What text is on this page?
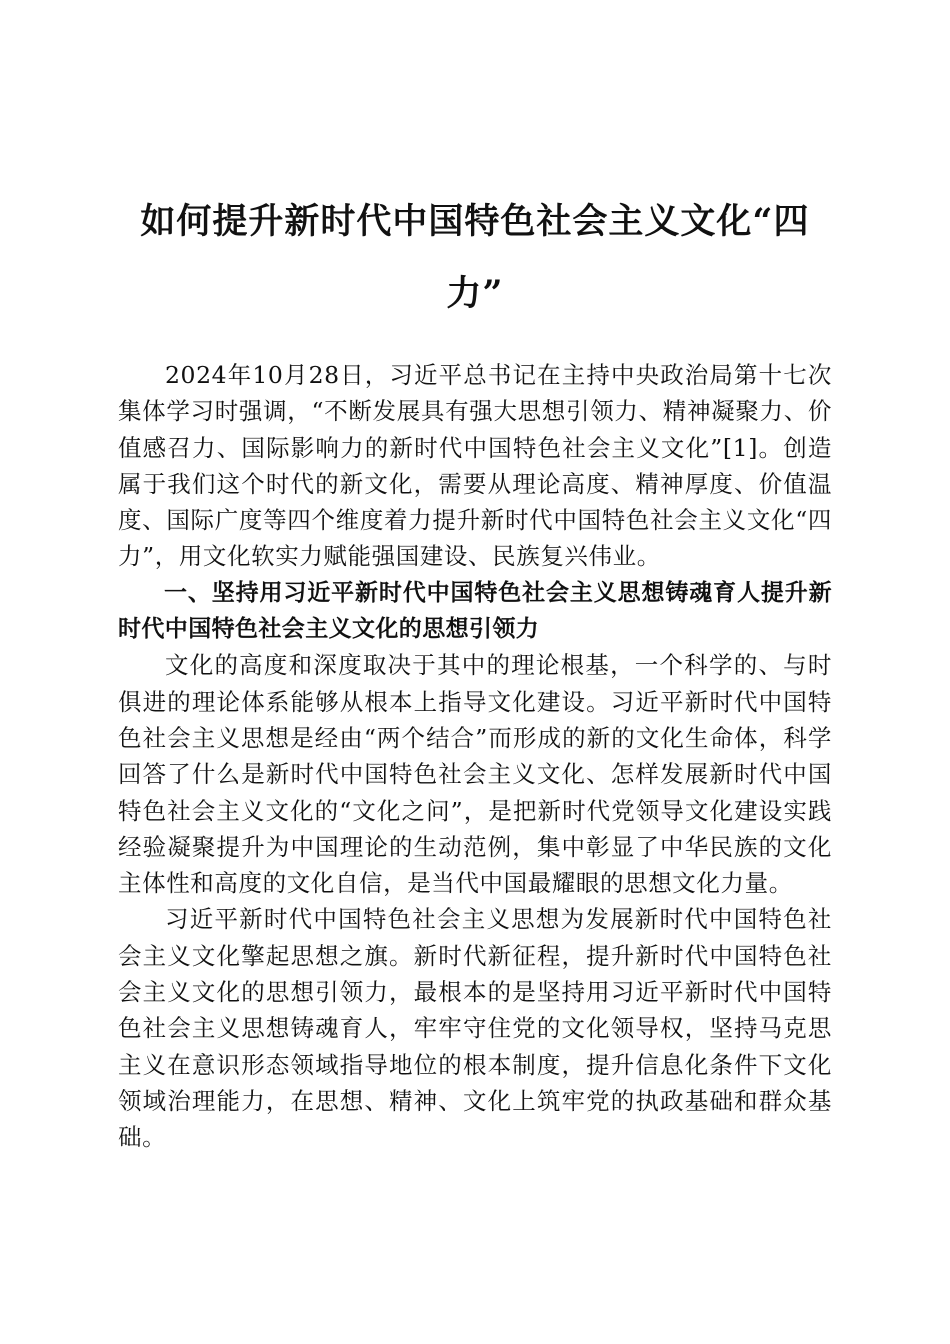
如何提升新时代中国特色社会主义文化“四力”

2024年10月28日，习近平总书记在主持中央政治局第十七次集体学习时强调，“不断发展具有强大思想引领力、精神凝聚力、价值感召力、国际影响力的新时代中国特色社会主义文化”[1]。创造属于我们这个时代的新文化，需要从理论高度、精神厚度、价值温度、国际广度等四个维度着力提升新时代中国特色社会主义文化“四力”，用文化软实力赋能强国建设、民族复兴伟业。

一、坚持用习近平新时代中国特色社会主义思想铸魂育人提升新时代中国特色社会主义文化的思想引领力

文化的高度和深度取决于其中的理论根基，一个科学的、与时俱进的理论体系能够从根本上指导文化建设。习近平新时代中国特色社会主义思想是经由“两个结合”而形成的新的文化生命体，科学回答了什么是新时代中国特色社会主义文化、怎样发展新时代中国特色社会主义文化的“文化之问”，是把新时代党领导文化建设实践经验凝聚提升为中国理论的生动范例，集中彰显了中华民族的文化主体性和高度的文化自信，是当代中国最耀眼的思想文化力量。

习近平新时代中国特色社会主义思想为发展新时代中国特色社会主义文化擎起思想之旗。新时代新征程，提升新时代中国特色社会主义文化的思想引领力，最根本的是坚持用习近平新时代中国特色社会主义思想铸魂育人，牢牢守住党的文化领导权，坚持马克思主义在意识形态领域指导地位的根本制度，提升信息化条件下文化领域治理能力，在思想、精神、文化上筑牢党的执政基础和群众基础。
